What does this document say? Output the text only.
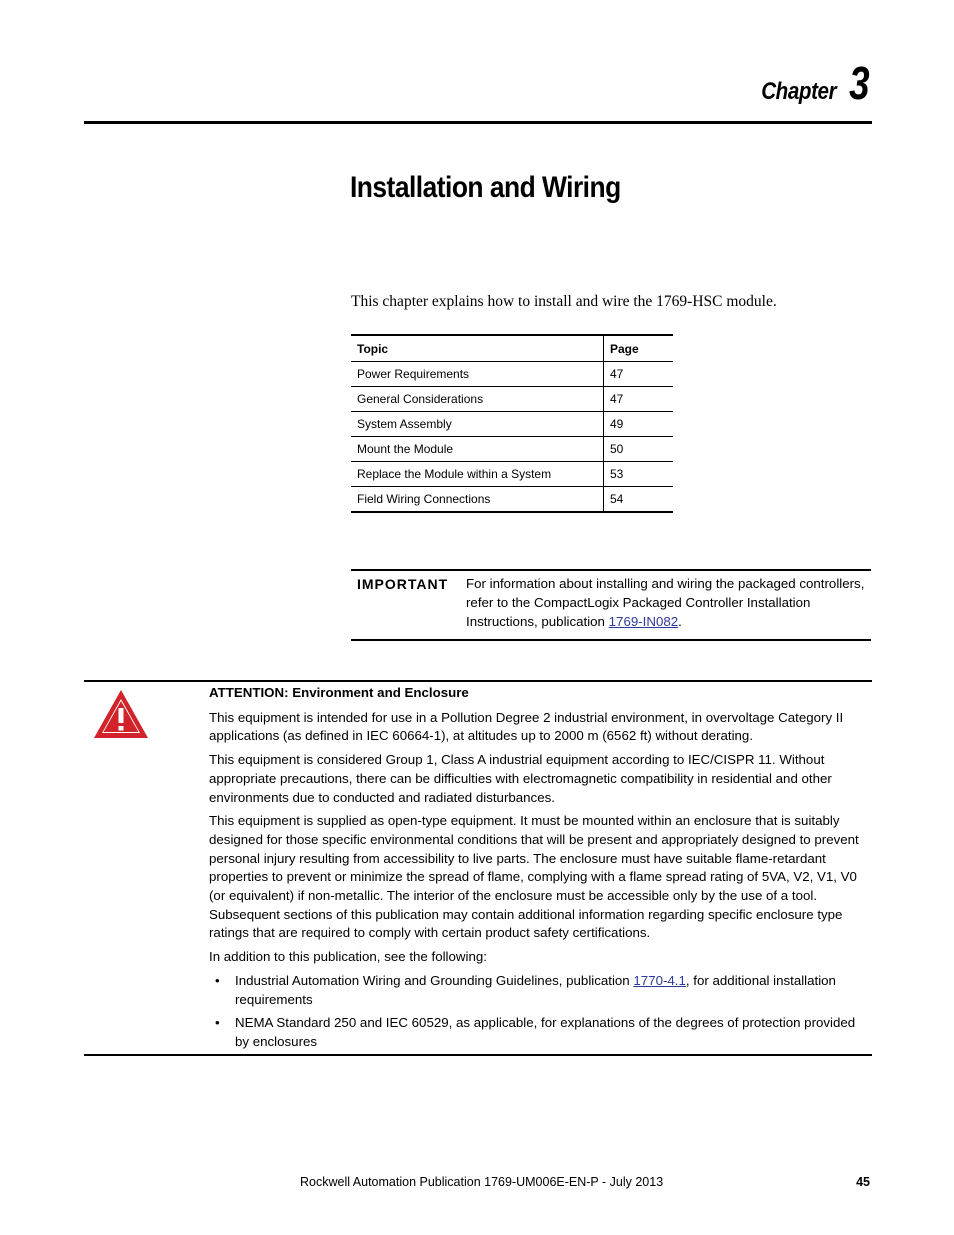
Chapter 3
Installation and Wiring
This chapter explains how to install and wire the 1769-HSC module.
Topic	Page
Power Requirements	47
General Considerations	47
System Assembly	49
Mount the Module	50
Replace the Module within a System	53
Field Wiring Connections	54
IMPORTANT	For information about installing and wiring the packaged controllers, refer to the CompactLogix Packaged Controller Installation Instructions, publication 1769-IN082.
ATTENTION: Environment and Enclosure

This equipment is intended for use in a Pollution Degree 2 industrial environment, in overvoltage Category II applications (as defined in IEC 60664-1), at altitudes up to 2000 m (6562 ft) without derating.

This equipment is considered Group 1, Class A industrial equipment according to IEC/CISPR 11. Without appropriate precautions, there can be difficulties with electromagnetic compatibility in residential and other environments due to conducted and radiated disturbances.

This equipment is supplied as open-type equipment. It must be mounted within an enclosure that is suitably designed for those specific environmental conditions that will be present and appropriately designed to prevent personal injury resulting from accessibility to live parts. The enclosure must have suitable flame-retardant properties to prevent or minimize the spread of flame, complying with a flame spread rating of 5VA, V2, V1, V0 (or equivalent) if non-metallic. The interior of the enclosure must be accessible only by the use of a tool. Subsequent sections of this publication may contain additional information regarding specific enclosure type ratings that are required to comply with certain product safety certifications.

In addition to this publication, see the following:

• Industrial Automation Wiring and Grounding Guidelines, publication 1770-4.1, for additional installation requirements
• NEMA Standard 250 and IEC 60529, as applicable, for explanations of the degrees of protection provided by enclosures
Rockwell Automation Publication 1769-UM006E-EN-P - July 2013	45
